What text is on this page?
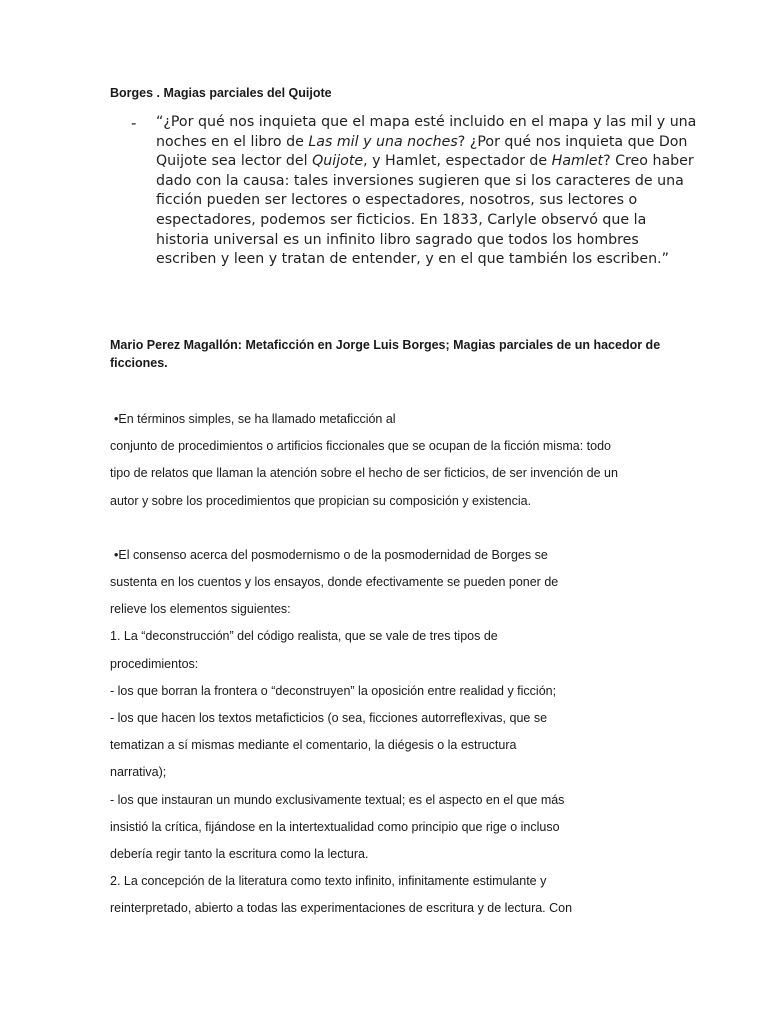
Borges . Magias parciales del Quijote
- “¿Por qué nos inquieta que el mapa esté incluido en el mapa y las mil y una

noches en el libro de Las mil y una noches? ¿Por qué nos inquieta que Don

Quijote sea lector del Quijote, y Hamlet, espectador de Hamlet? Creo haber

dado con la causa: tales inversiones sugieren que si los caracteres de una

ficción pueden ser lectores o espectadores, nosotros, sus lectores o

espectadores, podemos ser ficticios. En 1833, Carlyle observó que la

historia universal es un infinito libro sagrado que todos los hombres

escriben y leen y tratan de entender, y en el que también los escriben.”

Mario Perez Magallón: Metaficción en Jorge Luis Borges; Magias parciales de un hacedor de ficciones.

•En términos simples, se ha llamado metaficción al

conjunto de procedimientos o artificios ficcionales que se ocupan de la ficción misma: todo

tipo de relatos que llaman la atención sobre el hecho de ser ficticios, de ser invención de un

autor y sobre los procedimientos que propician su composición y existencia.

•El consenso acerca del posmodernismo o de la posmodernidad de Borges se

sustenta en los cuentos y los ensayos, donde efectivamente se pueden poner de

relieve los elementos siguientes:

1. La “deconstrucción” del código realista, que se vale de tres tipos de

procedimientos:

- los que borran la frontera o “deconstruyen” la oposición entre realidad y ficción;

- los que hacen los textos metaficticios (o sea, ficciones autorreflexivas, que se

tematizan a sí mismas mediante el comentario, la diégesis o la estructura

narrativa);

- los que instauran un mundo exclusivamente textual; es el aspecto en el que más

insistió la crítica, fijándose en la intertextualidad como principio que rige o incluso

debería regir tanto la escritura como la lectura.

2. La concepción de la literatura como texto infinito, infinitamente estimulante y

reinterpretado, abierto a todas las experimentaciones de escritura y de lectura. Con
